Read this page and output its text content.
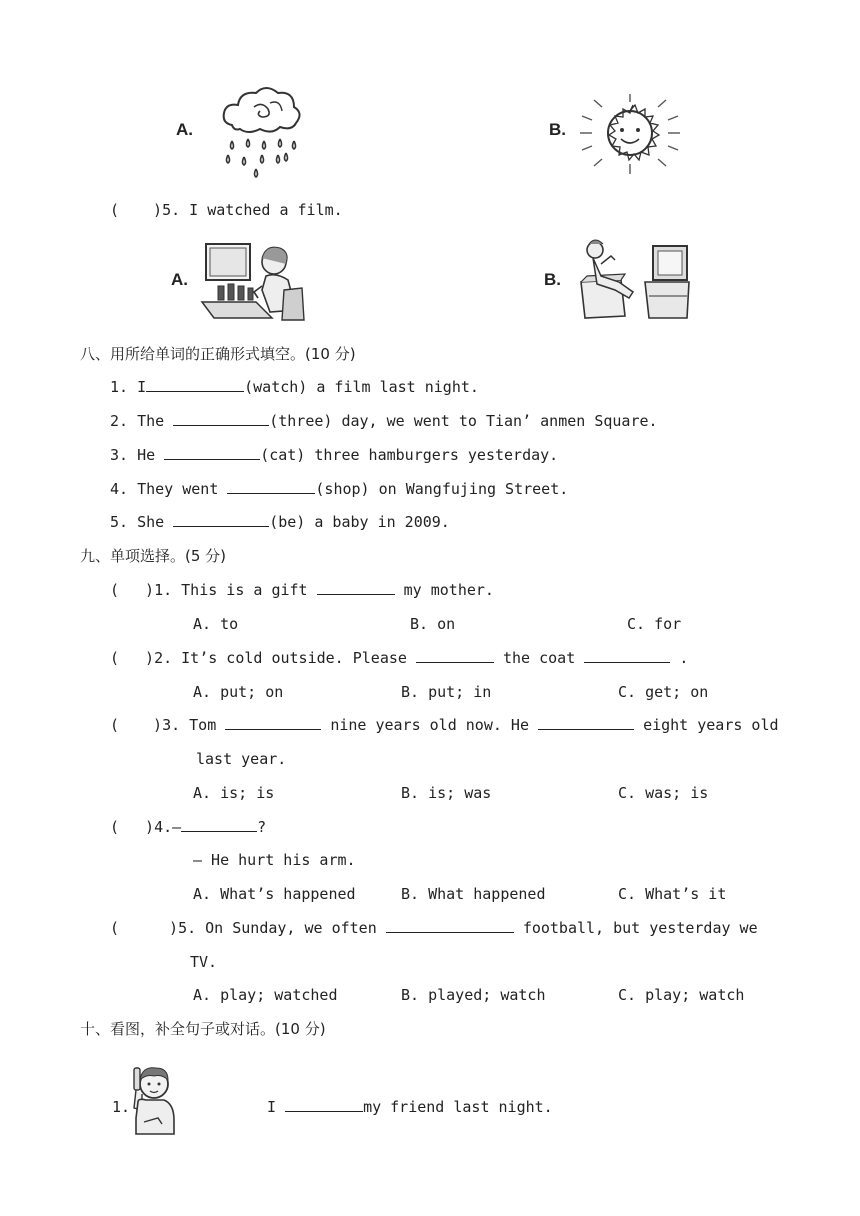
A.	B.
( )5. I watched a film.
A.	B.
八、用所给单词的正确形式填空。(10 分)
1. I	(watch) a film last night.
2. The	(three) day, we went to Tian’ anmen Square.
3. He	(cat) three hamburgers yesterday.
4. They went	(shop) on Wangfujing Street.
5. She	(be) a baby in 2009.
九、单项选择。(5 分)
( )1. This is a gift	my mother.
A. to	B. on	C. for
( )2. It’s cold outside. Please	the coat	.
A. put; on	B. put; in	C. get; on
( )3. Tom	nine years old now. He	eight years old
last year.
A. is; is	B. is; was	C. was; is
( )4.—	?
— He hurt his arm.
A. What’s happened	B. What happened	C. What’s it
(	)5. On Sunday, we often	football, but yesterday we
TV.
A. play; watched	B. played; watch	C. play; watch
十、看图，补全句子或对话。(10 分)
1.	I	my friend last night.
